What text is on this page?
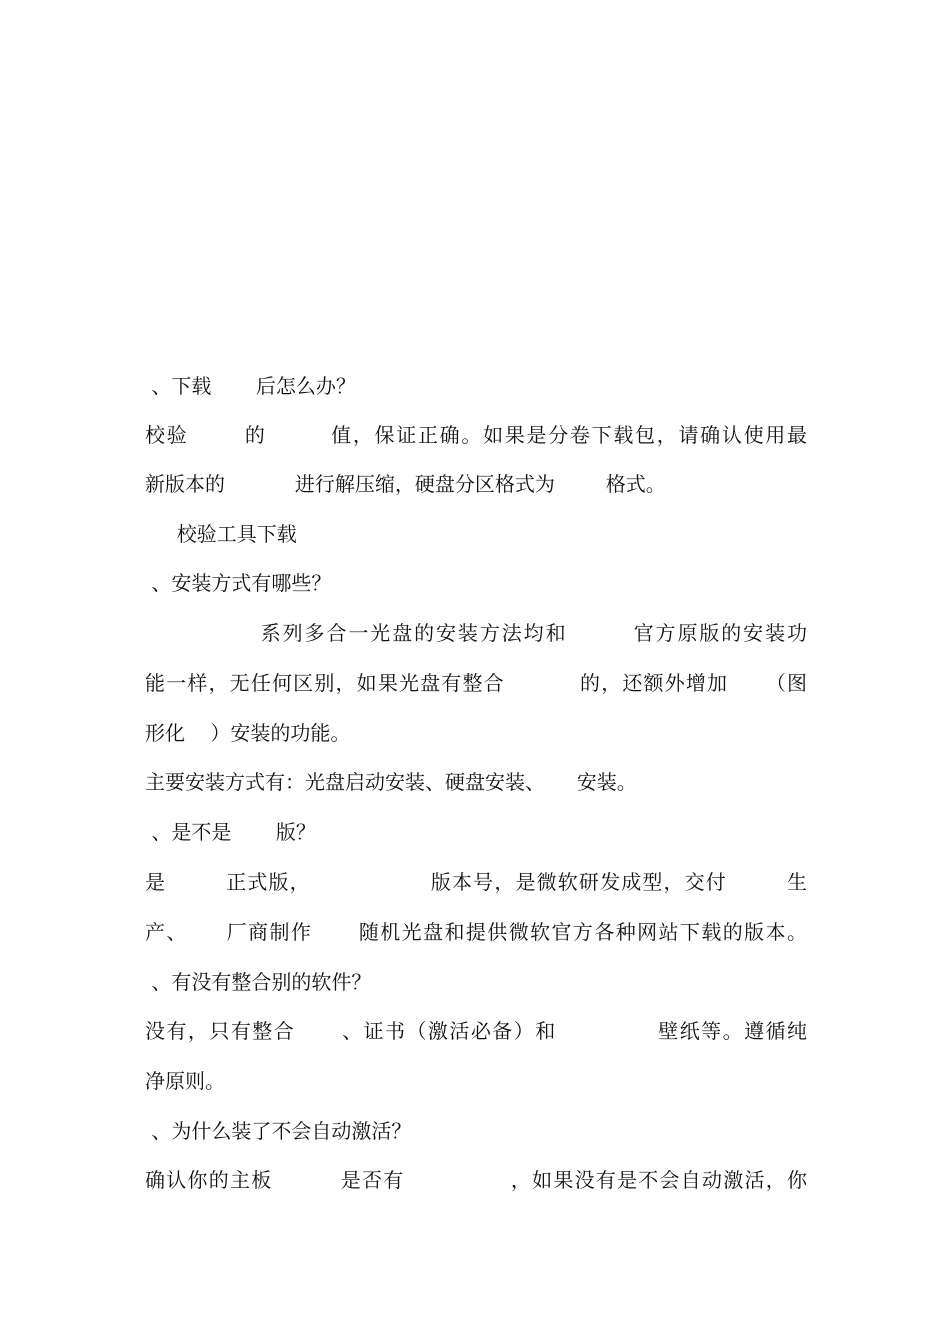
、下载       后怎么办？
校验       的        值，保证正确。如果是分卷下载包，请确认使用最
新版本的           进行解压缩，硬盘分区格式为        格式。
校验工具下载
、安装方式有哪些？
系列多合一光盘的安装方法均和        官方原版的安装功
能一样，无任何区别，如果光盘有整合          的，还额外增加     （图
形化    ）安装的功能。
主要安装方式有：光盘启动安装、硬盘安装、     安装。
、是不是       版？
是        正式版，                版本号，是微软研发成型，交付        生
产、     厂商制作      随机光盘和提供微软官方各种网站下载的版本。
、有没有整合别的软件？
没有，只有整合      、证书（激活必备）和             壁纸等。遵循纯
净原则。
、为什么装了不会自动激活？
确认你的主板         是否有              ，如果没有是不会自动激活，你
